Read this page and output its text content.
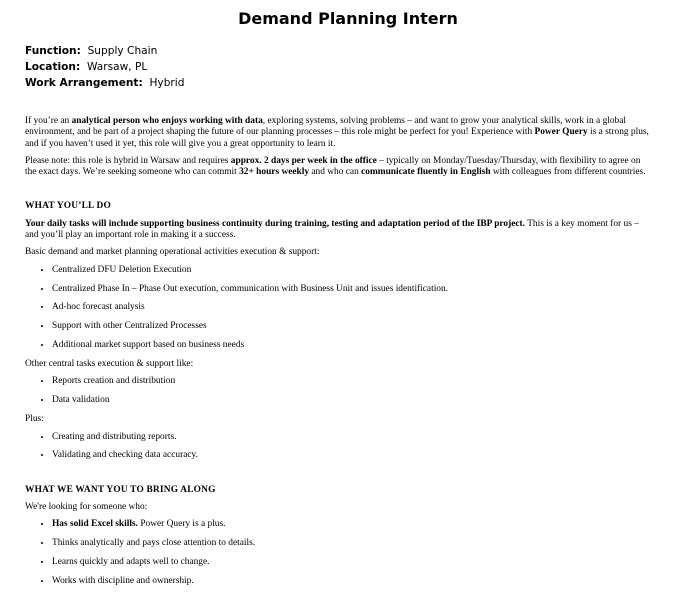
Demand Planning Intern
Function: Supply Chain
Location: Warsaw, PL
Work Arrangement: Hybrid

If you’re an analytical person who enjoys working with data, exploring systems, solving problems – and want to grow your analytical skills, work in a global environment, and be part of a project shaping the future of our planning processes – this role might be perfect for you! Experience with Power Query is a strong plus, and if you haven’t used it yet, this role will give you a great opportunity to learn it.

Please note: this role is hybrid in Warsaw and requires approx. 2 days per week in the office – typically on Monday/Tuesday/Thursday, with flexibility to agree on the exact days. We’re seeking someone who can commit 32+ hours weekly and who can communicate fluently in English with colleagues from different countries.

WHAT YOU’LL DO

Your daily tasks will include supporting business continuity during training, testing and adaptation period of the IBP project. This is a key moment for us – and you’ll play an important role in making it a success.

Basic demand and market planning operational activities execution & support:

• Centralized DFU Deletion Execution
• Centralized Phase In – Phase Out execution, communication with Business Unit and issues identification.
• Ad-hoc forecast analysis
• Support with other Centralized Processes
• Additional market support based on business needs

Other central tasks execution & support like:

• Reports creation and distribution
• Data validation

Plus:

• Creating and distributing reports.
• Validating and checking data accuracy.
WHAT WE WANT YOU TO BRING ALONG

We're looking for someone who:

• Has solid Excel skills. Power Query is a plus.
• Thinks analytically and pays close attention to details.
• Learns quickly and adapts well to change.
• Works with discipline and ownership.
